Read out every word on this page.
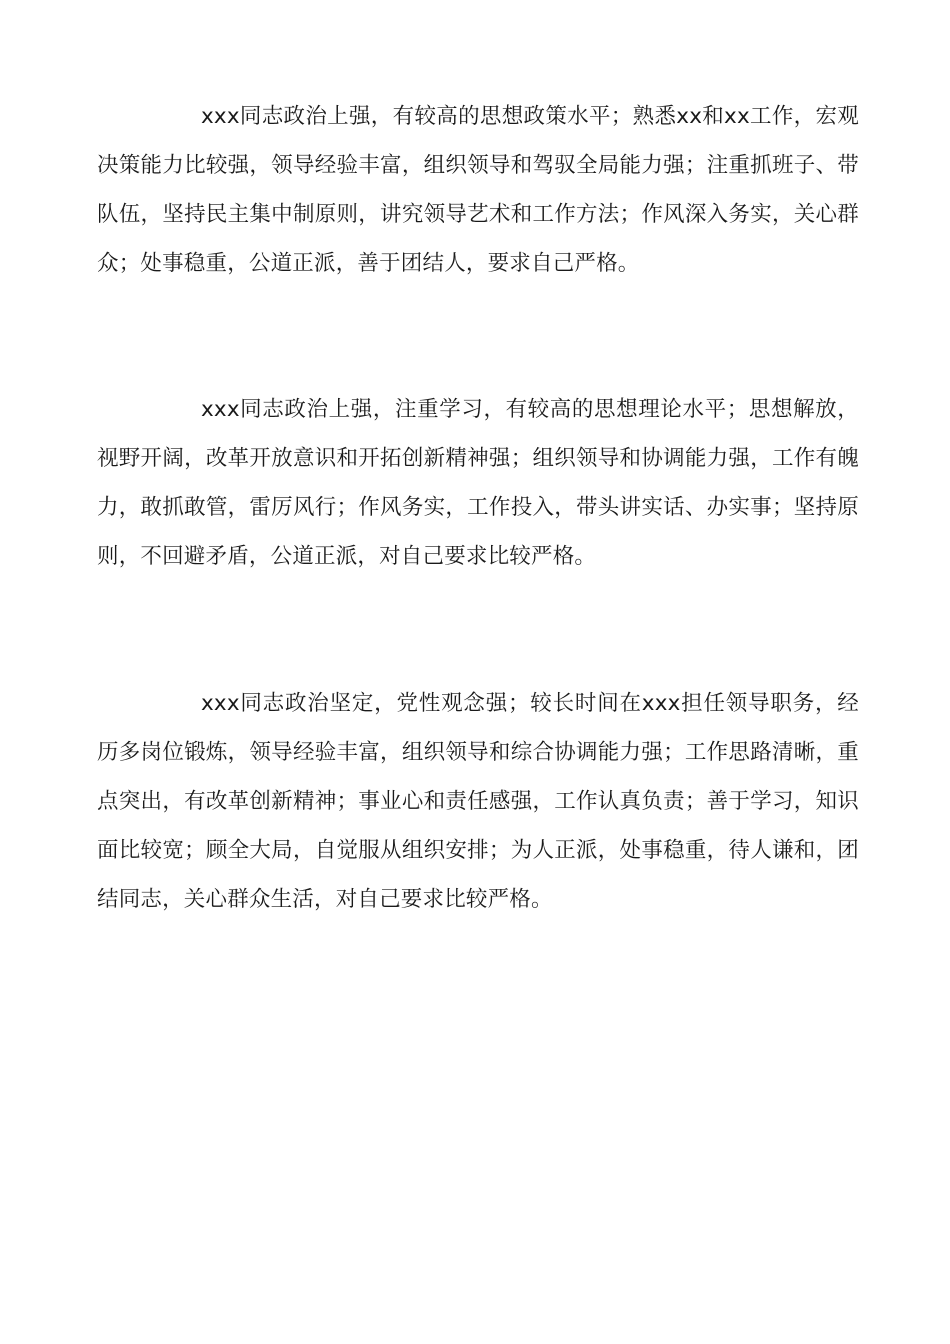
xxx同志政治上强，有较高的思想政策水平；熟悉xx和xx工作，宏观决策能力比较强，领导经验丰富，组织领导和驾驭全局能力强；注重抓班子、带队伍，坚持民主集中制原则，讲究领导艺术和工作方法；作风深入务实，关心群众；处事稳重，公道正派，善于团结人，要求自己严格。

xxx同志政治上强，注重学习，有较高的思想理论水平；思想解放，视野开阔，改革开放意识和开拓创新精神强；组织领导和协调能力强，工作有魄力，敢抓敢管，雷厉风行；作风务实，工作投入，带头讲实话、办实事；坚持原则，不回避矛盾，公道正派，对自己要求比较严格。

xxx同志政治坚定，党性观念强；较长时间在xxx担任领导职务，经历多岗位锻炼，领导经验丰富，组织领导和综合协调能力强；工作思路清晰，重点突出，有改革创新精神；事业心和责任感强，工作认真负责；善于学习，知识面比较宽；顾全大局，自觉服从组织安排；为人正派，处事稳重，待人谦和，团结同志，关心群众生活，对自己要求比较严格。
